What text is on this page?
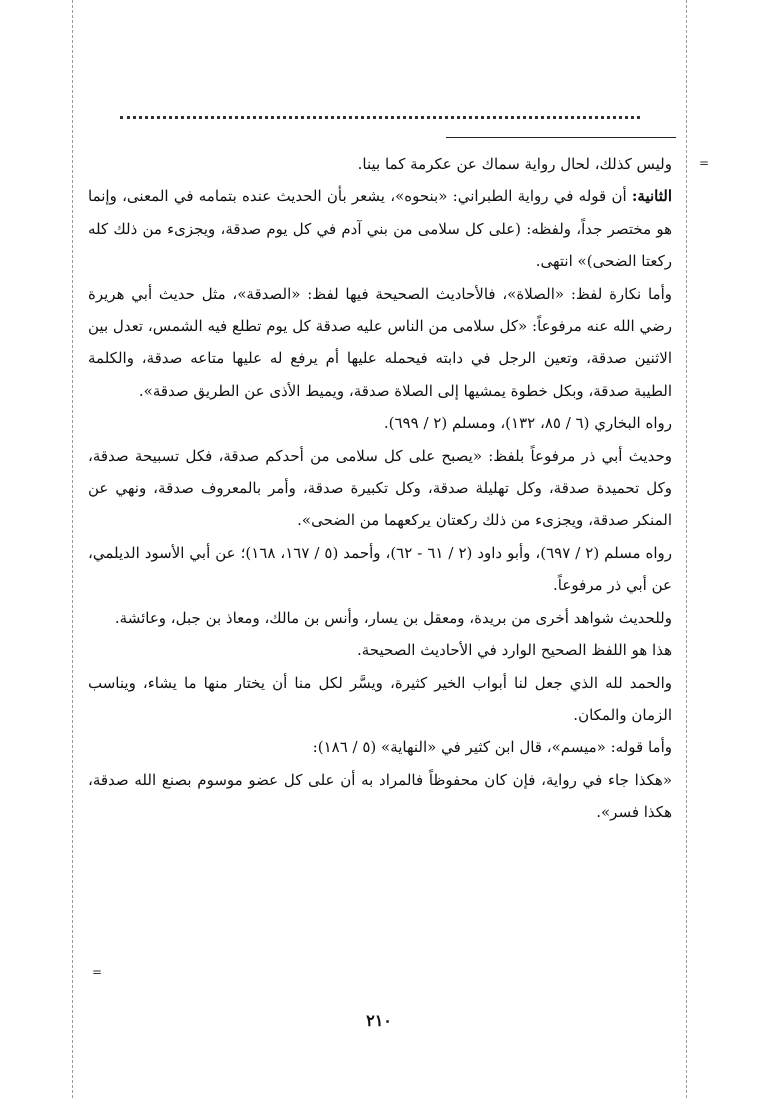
=
=

وليس كذلك، لحال رواية سماك عن عكرمة كما بينا.

الثانية: أن قوله في رواية الطبراني: «بنحوه»، يشعر بأن الحديث عنده بتمامه في المعنى، وإنما هو مختصر جداً، ولفظه: (على كل سلامى من بني آدم في كل يوم صدقة، ويجزىء من ذلك كله ركعتا الضحى)» انتهى.

وأما نكارة لفظ: «الصلاة»، فالأحاديث الصحيحة فيها لفظ: «الصدقة»، مثل حديث أبي هريرة رضي الله عنه مرفوعاً: «كل سلامى من الناس عليه صدقة كل يوم تطلع فيه الشمس، تعدل بين الاثنين صدقة، وتعين الرجل في دابته فيحمله عليها أم يرفع له عليها متاعه صدقة، والكلمة الطيبة صدقة، وبكل خطوة يمشيها إلى الصلاة صدقة، ويميط الأذى عن الطريق صدقة».

رواه البخاري (٦ / ٨٥، ١٣٢)، ومسلم (٢ / ٦٩٩).

وحديث أبي ذر مرفوعاً بلفظ: «يصبح على كل سلامى من أحدكم صدقة، فكل تسبيحة صدقة، وكل تحميدة صدقة، وكل تهليلة صدقة، وكل تكبيرة صدقة، وأمر بالمعروف صدقة، ونهي عن المنكر صدقة، ويجزىء من ذلك ركعتان يركعهما من الضحى».

رواه مسلم (٢ / ٦٩٧)، وأبو داود (٢ / ٦١ - ٦٢)، وأحمد (٥ / ١٦٧، ١٦٨)؛ عن أبي الأسود الديلمي، عن أبي ذر مرفوعاً.

وللحديث شواهد أخرى من بريدة، ومعقل بن يسار، وأنس بن مالك، ومعاذ بن جبل، وعائشة.

هذا هو اللفظ الصحيح الوارد في الأحاديث الصحيحة.

والحمد لله الذي جعل لنا أبواب الخير كثيرة، ويسَّر لكل منا أن يختار منها ما يشاء، ويناسب الزمان والمكان.

وأما قوله: «ميسم»، قال ابن كثير في «النهاية» (٥ / ١٨٦):

«هكذا جاء في رواية، فإن كان محفوظاً فالمراد به أن على كل عضو موسوم بصنع الله صدقة، هكذا فسر».

٢١٠
